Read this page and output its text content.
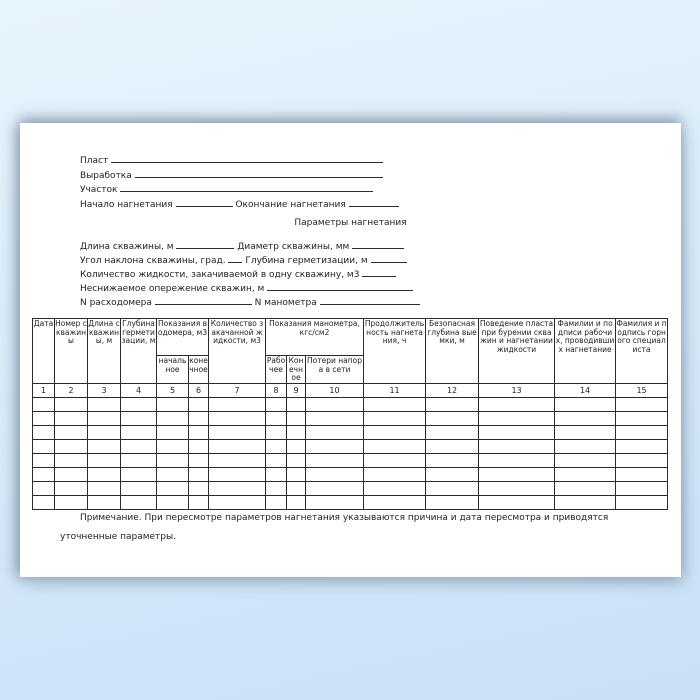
Пласт
Выработка
Участок
Начало нагнетания	Окончание нагнетания
Параметры нагнетания
Длина скважины, м	Диаметр скважины, мм
Угол наклона скважины, град. Глубина герметизации, м
Количество жидкости, закачиваемой в одну скважину, м3
Неснижаемое опережение скважин, м
N расходомера	N манометра
Дата	Номер скважины	Длина скважины, м	Глубина герметизации, м	Показания водомера, м3		Количество закачанной жидкости, м3	Показания манометра, кгс/см2			Продолжительность нагнетания, ч	Безопасная глубина выемки, м	Поведение пласта при бурении скважин и нагнетании жидкости	Фамилии и подписи рабочих, проводивших нагнетание	Фамилия и подпись горного специалиста
				начальное	конечное		Рабочее	Конечное	Потери напора в сети					
1	2	3	4	5	6	7	8	9	10	11	12	13	14	15

Примечание. При пересмотре параметров нагнетания указываются причина и дата пересмотра и приводятся уточненные параметры.
